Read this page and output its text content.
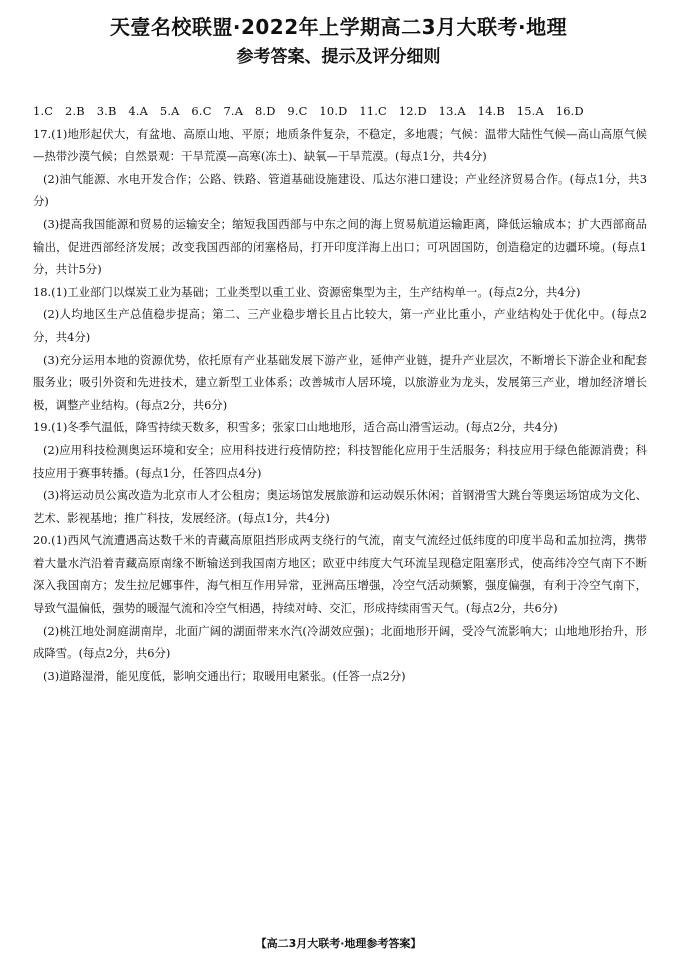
天壹名校联盟·2022年上学期高二3月大联考·地理
参考答案、提示及评分细则
1.C 2.B 3.B 4.A 5.A 6.C 7.A 8.D 9.C 10.D 11.C 12.D 13.A 14.B 15.A 16.D

17.(1)地形起伏大，有盆地、高原山地、平原；地质条件复杂，不稳定，多地震；气候：温带大陆性气候—高山高原气候—热带沙漠气候；自然景观：干旱荒漠—高寒(冻土)、缺氧—干旱荒漠。(每点1分，共4分)

(2)油气能源、水电开发合作；公路、铁路、管道基础设施建设、瓜达尔港口建设；产业经济贸易合作。(每点1分，共3分)

(3)提高我国能源和贸易的运输安全；缩短我国西部与中东之间的海上贸易航道运输距离，降低运输成本；扩大西部商品输出，促进西部经济发展；改变我国西部的闭塞格局，打开印度洋海上出口；可巩固国防，创造稳定的边疆环境。(每点1分，共计5分)

18.(1)工业部门以煤炭工业为基础；工业类型以重工业、资源密集型为主，生产结构单一。(每点2分，共4分)

(2)人均地区生产总值稳步提高；第二、三产业稳步增长且占比较大，第一产业比重小，产业结构处于优化中。(每点2分，共4分)

(3)充分运用本地的资源优势，依托原有产业基础发展下游产业，延伸产业链，提升产业层次，不断增长下游企业和配套服务业；吸引外资和先进技术，建立新型工业体系；改善城市人居环境，以旅游业为龙头，发展第三产业，增加经济增长极，调整产业结构。(每点2分，共6分)

19.(1)冬季气温低，降雪持续天数多，积雪多；张家口山地地形，适合高山滑雪运动。(每点2分，共4分)

(2)应用科技检测奥运环境和安全；应用科技进行疫情防控；科技智能化应用于生活服务；科技应用于绿色能源消费；科技应用于赛事转播。(每点1分，任答四点4分)

(3)将运动员公寓改造为北京市人才公租房；奥运场馆发展旅游和运动娱乐休闲；首钢滑雪大跳台等奥运场馆成为文化、艺术、影视基地；推广科技，发展经济。(每点1分，共4分)

20.(1)西风气流遭遇高达数千米的青藏高原阻挡形成两支绕行的气流，南支气流经过低纬度的印度半岛和孟加拉湾，携带着大量水汽沿着青藏高原南缘不断输送到我国南方地区；欧亚中纬度大气环流呈现稳定阻塞形式，使高纬冷空气南下不断深入我国南方；发生拉尼娜事件，海气相互作用异常，亚洲高压增强，冷空气活动频繁，强度偏强，有利于冷空气南下，导致气温偏低，强势的暖湿气流和冷空气相遇，持续对峙、交汇，形成持续雨雪天气。(每点2分，共6分)

(2)桃江地处洞庭湖南岸，北面广阔的湖面带来水汽(冷湖效应强)；北面地形开阔，受冷气流影响大；山地地形抬升，形成降雪。(每点2分，共6分)

(3)道路湿滑，能见度低，影响交通出行；取暖用电紧张。(任答一点2分)

【高二3月大联考·地理参考答案】
